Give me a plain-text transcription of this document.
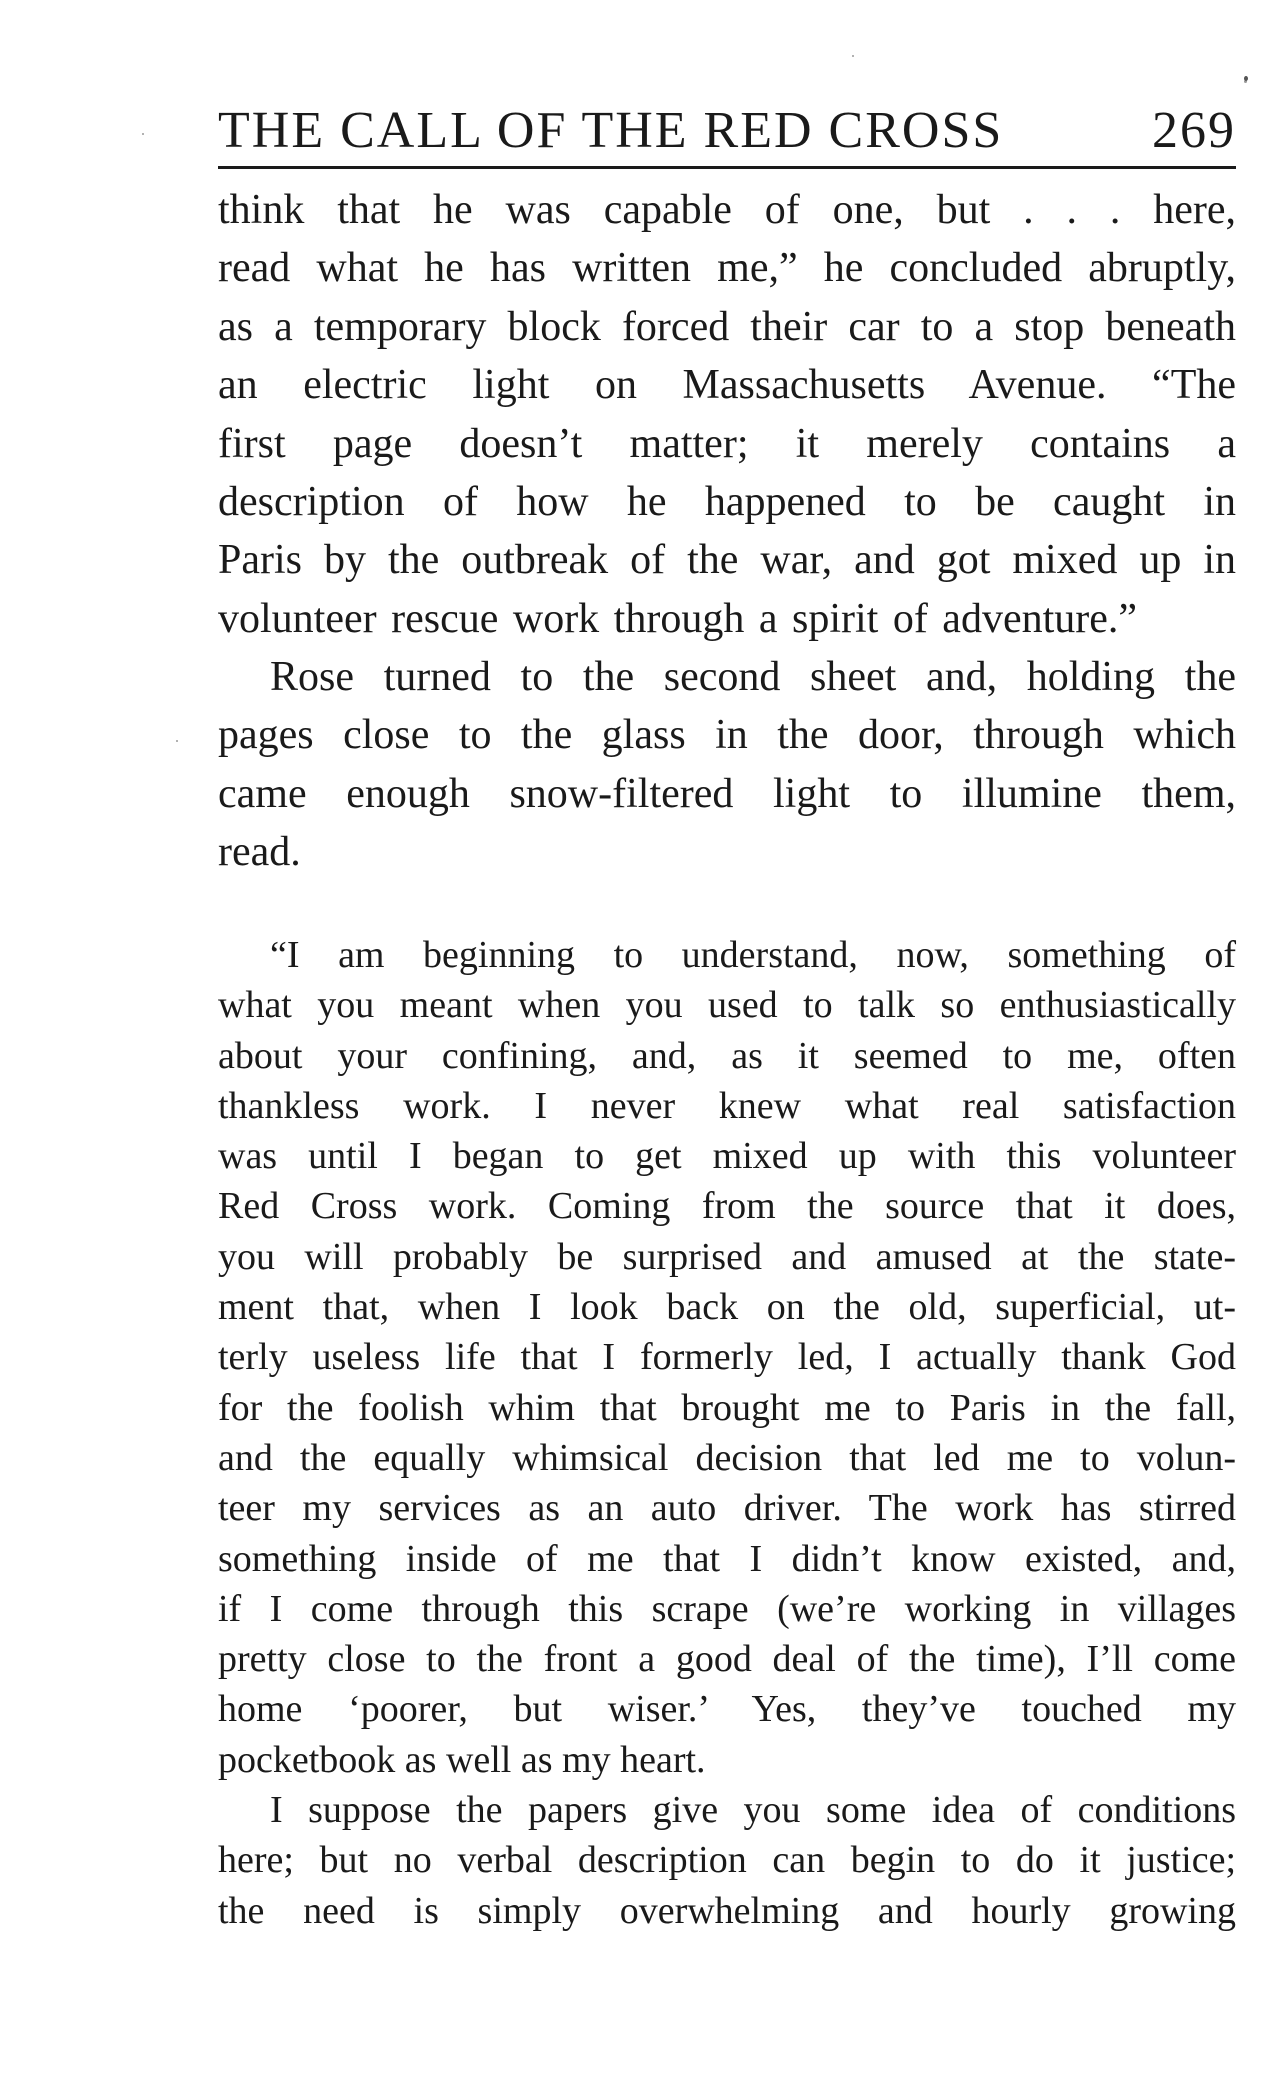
THE CALL OF THE RED CROSS	269
think that he was capable of one, but . . . here,
read what he has written me,” he concluded abruptly,
as a temporary block forced their car to a stop beneath
an electric light on Massachusetts Avenue. “The
first page doesn’t matter; it merely contains a
description of how he happened to be caught in
Paris by the outbreak of the war, and got mixed up in
volunteer rescue work through a spirit of adventure.”
Rose turned to the second sheet and, holding the
pages close to the glass in the door, through which
came enough snow-filtered light to illumine them,
read.
“I am beginning to understand, now, something of
what you meant when you used to talk so enthusiastically
about your confining, and, as it seemed to me, often
thankless work. I never knew what real satisfaction
was until I began to get mixed up with this volunteer
Red Cross work. Coming from the source that it does,
you will probably be surprised and amused at the state-
ment that, when I look back on the old, superficial, ut-
terly useless life that I formerly led, I actually thank God
for the foolish whim that brought me to Paris in the fall,
and the equally whimsical decision that led me to volun-
teer my services as an auto driver. The work has stirred
something inside of me that I didn’t know existed, and,
if I come through this scrape (we’re working in villages
pretty close to the front a good deal of the time), I’ll come
home ‘poorer, but wiser.’ Yes, they’ve touched my
pocketbook as well as my heart.
I suppose the papers give you some idea of conditions
here; but no verbal description can begin to do it justice;
the need is simply overwhelming and hourly growing
